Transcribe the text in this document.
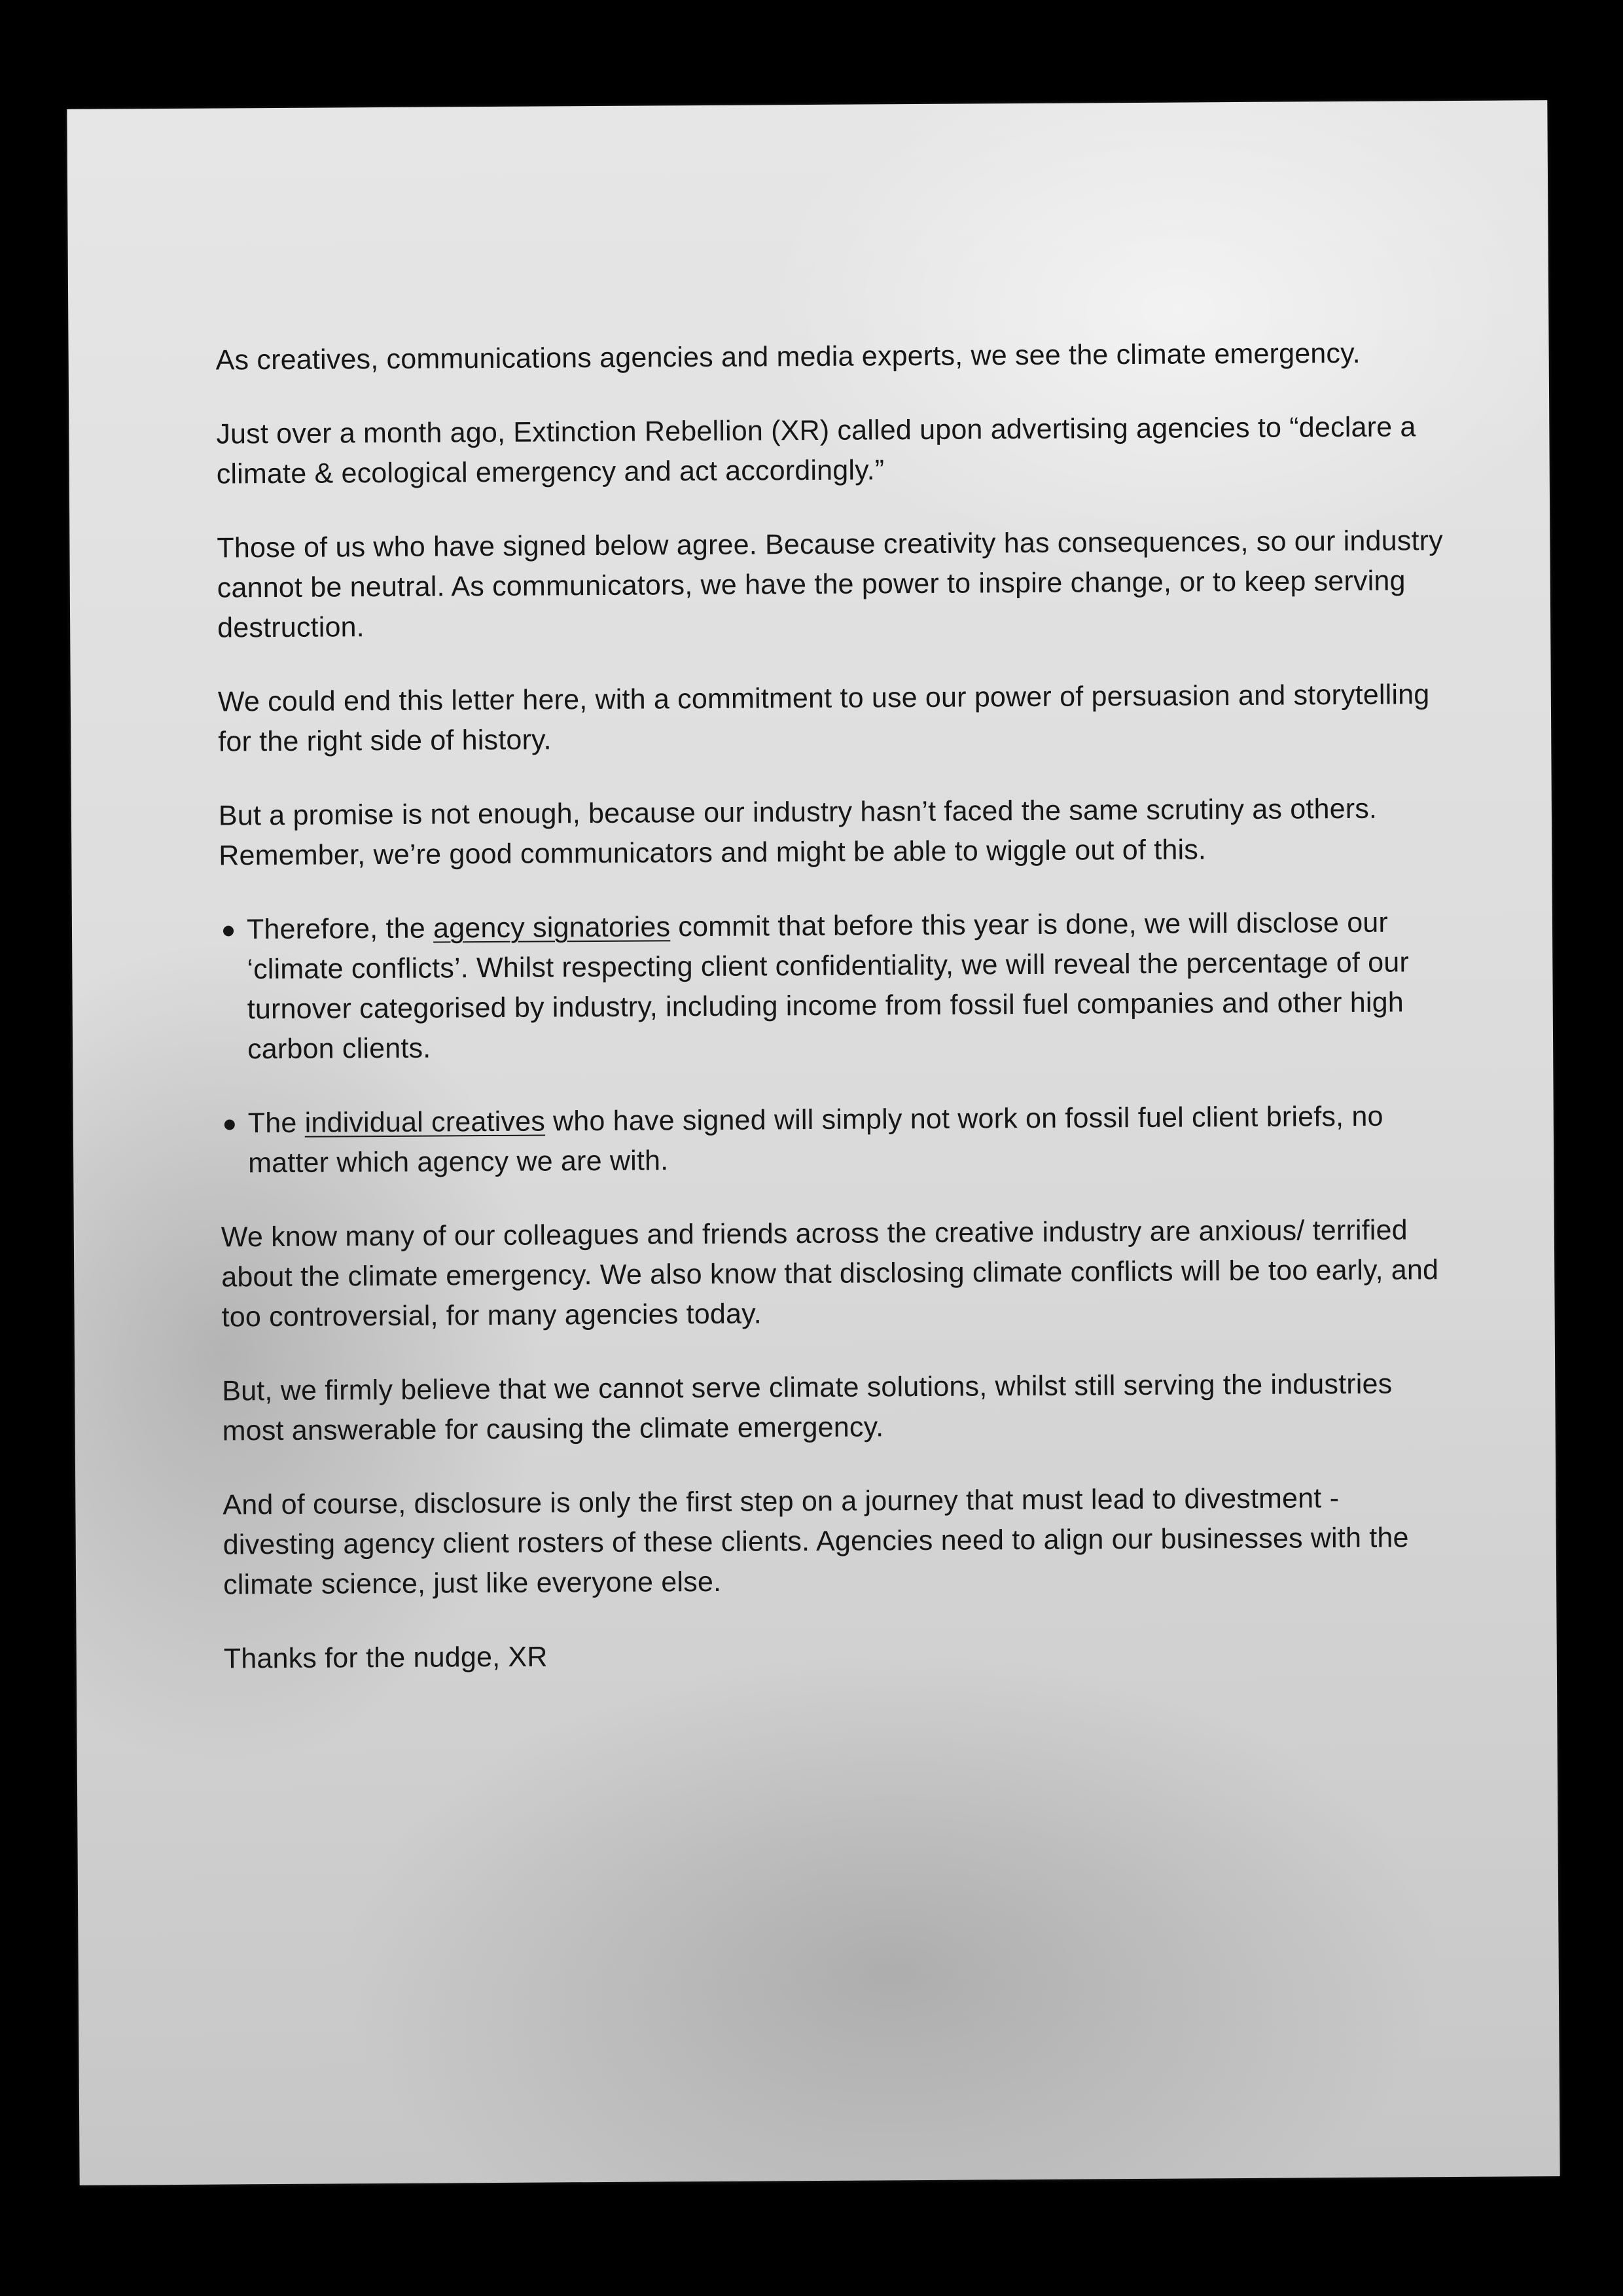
As creatives, communications agencies and media experts, we see the climate emergency.

Just over a month ago, Extinction Rebellion (XR) called upon advertising agencies to “declare a climate & ecological emergency and act accordingly.”

Those of us who have signed below agree. Because creativity has consequences, so our industry cannot be neutral. As communicators, we have the power to inspire change, or to keep serving destruction.

We could end this letter here, with a commitment to use our power of persuasion and storytelling for the right side of history.

But a promise is not enough, because our industry hasn’t faced the same scrutiny as others. Remember, we’re good communicators and might be able to wiggle out of this.

Therefore, the agency signatories commit that before this year is done, we will disclose our ‘climate conflicts’. Whilst respecting client confidentiality, we will reveal the percentage of our turnover categorised by industry, including income from fossil fuel companies and other high carbon clients.
The individual creatives who have signed will simply not work on fossil fuel client briefs, no matter which agency we are with.

We know many of our colleagues and friends across the creative industry are anxious/ terrified about the climate emergency. We also know that disclosing climate conflicts will be too early, and too controversial, for many agencies today.

But, we firmly believe that we cannot serve climate solutions, whilst still serving the industries most answerable for causing the climate emergency.

And of course, disclosure is only the first step on a journey that must lead to divestment - divesting agency client rosters of these clients. Agencies need to align our businesses with the climate science, just like everyone else.

Thanks for the nudge, XR
